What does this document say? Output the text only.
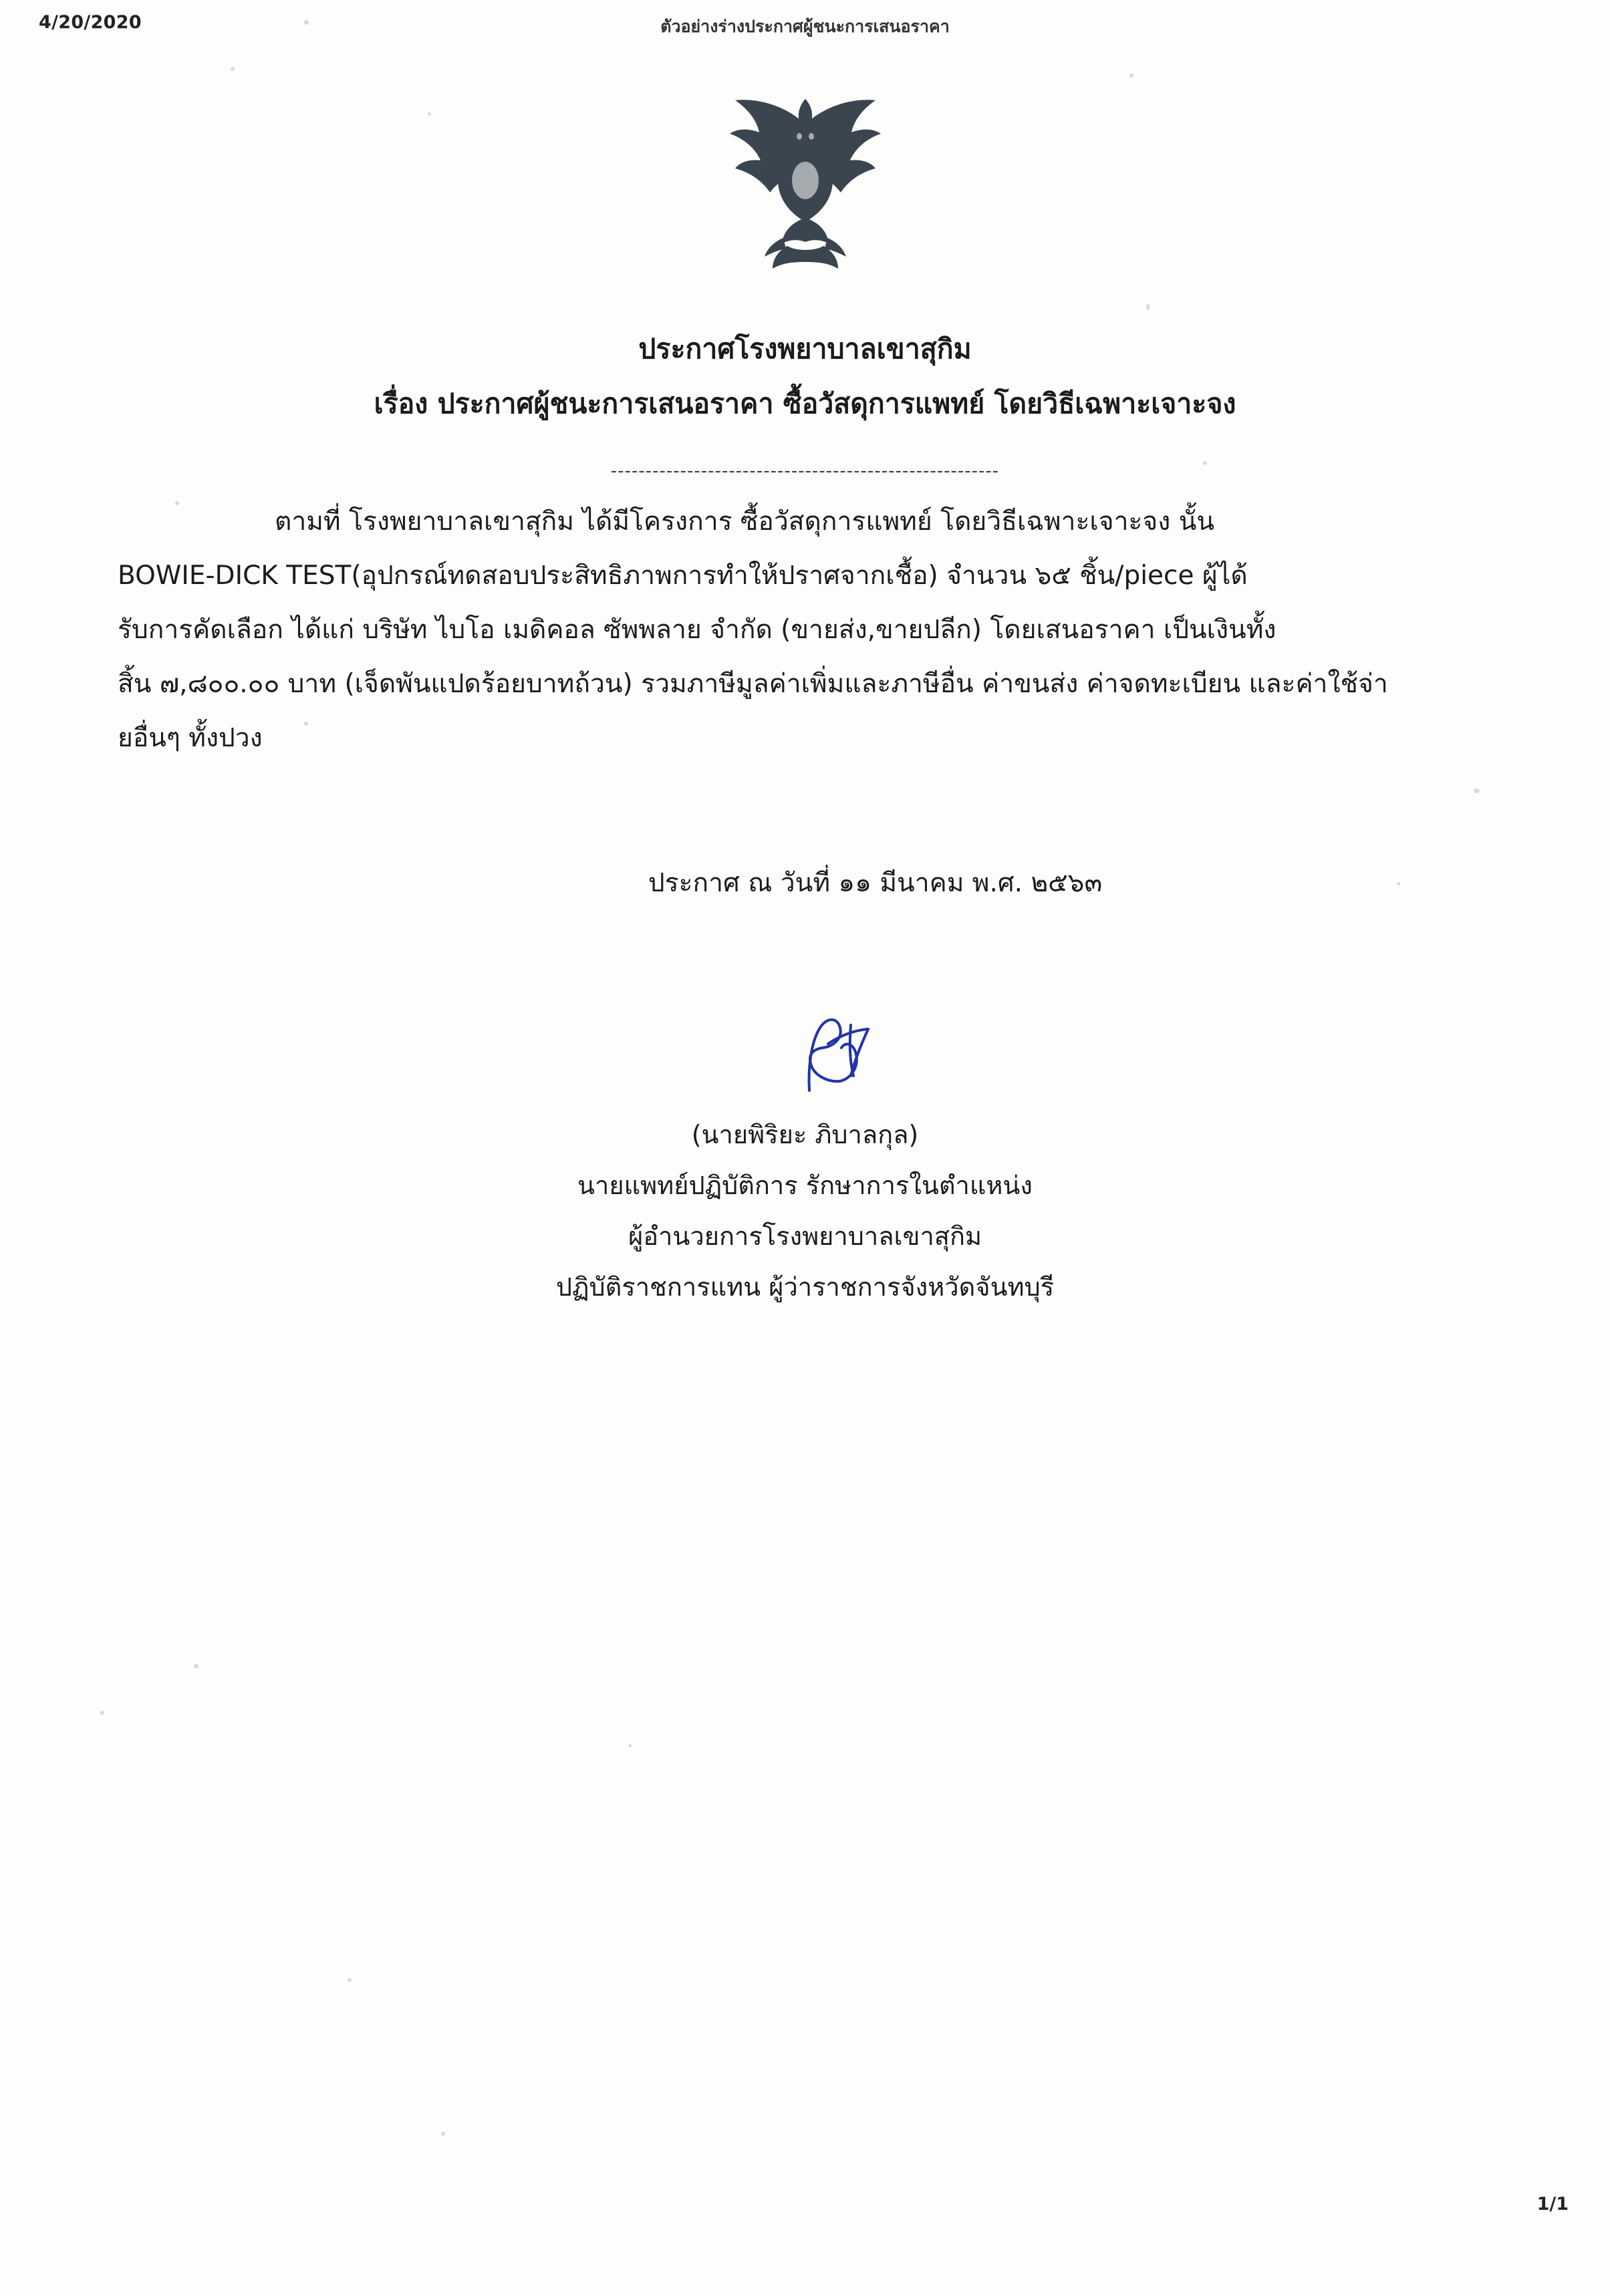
4/20/2020	ตัวอย่างร่างประกาศผู้ชนะการเสนอราคา
ประกาศโรงพยาบาลเขาสุกิม
เรื่อง ประกาศผู้ชนะการเสนอราคา ซื้อวัสดุการแพทย์ โดยวิธีเฉพาะเจาะจง
--------------------------------------------------------

ตามที่ โรงพยาบาลเขาสุกิม ได้มีโครงการ ซื้อวัสดุการแพทย์ โดยวิธีเฉพาะเจาะจง นั้น

BOWIE-DICK TEST(อุปกรณ์ทดสอบประสิทธิภาพการทำให้ปราศจากเชื้อ) จำนวน ๖๕ ชิ้น/piece ผู้ได้

รับการคัดเลือก ได้แก่ บริษัท ไบโอ เมดิคอล ซัพพลาย จำกัด (ขายส่ง,ขายปลีก) โดยเสนอราคา เป็นเงินทั้ง

สิ้น ๗,๘๐๐.๐๐ บาท (เจ็ดพันแปดร้อยบาทถ้วน) รวมภาษีมูลค่าเพิ่มและภาษีอื่น ค่าขนส่ง ค่าจดทะเบียน และค่าใช้จ่า

ยอื่นๆ ทั้งปวง

ประกาศ ณ วันที่ ๑๑ มีนาคม พ.ศ. ๒๕๖๓
(นายพิริยะ ภิบาลกุล)
นายแพทย์ปฏิบัติการ รักษาการในตำแหน่ง
ผู้อำนวยการโรงพยาบาลเขาสุกิม
ปฏิบัติราชการแทน ผู้ว่าราชการจังหวัดจันทบุรี
1/1
